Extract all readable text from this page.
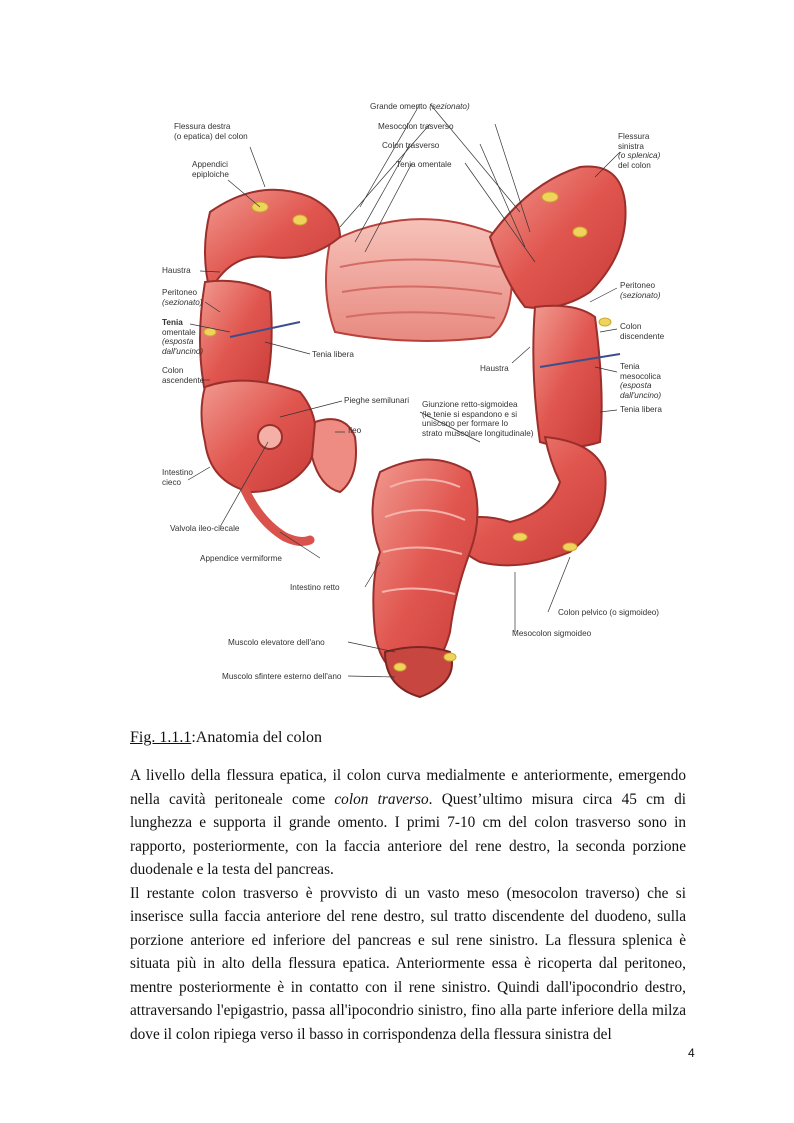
Grande omento (sezionato)
Mesocolon trasverso
Colon trasverso
Tenia omentale
Flessura destra
(o epatica) del colon
Appendici
epiploiche
Flessura
sinistra
(o splenica)
del colon
Haustra
Peritoneo
(sezionato)
Tenia
omentale
(esposta
dall'uncino)
Colon
ascendente
Tenia libera
Pieghe semilunari
Ileo
Intestino
cieco
Valvola ileo-ciecale
Appendice vermiforme
Intestino retto
Muscolo elevatore dell'ano
Muscolo sfintere esterno dell'ano
Peritoneo
(sezionato)
Colon
discendente
Haustra	Tenia
mesocolica
(esposta
dall'uncino)
Tenia libera
Giunzione retto-sigmoidea
(le tenie si espandono e si
uniscono per formare lo
strato muscolare longitudinale)
Colon pelvico (o sigmoideo)
Mesocolon sigmoideo
Fig. 1.1.1:Anatomia del colon

A livello della flessura epatica, il colon curva medialmente e anteriormente, emergendo nella cavità peritoneale come colon traverso. Quest’ultimo misura circa 45 cm di lunghezza e supporta il grande omento. I primi 7-10 cm del colon trasverso sono in rapporto, posteriormente, con la faccia anteriore del rene destro, la seconda porzione duodenale e la testa del pancreas.

Il restante colon trasverso è provvisto di un vasto meso (mesocolon traverso) che si inserisce sulla faccia anteriore del rene destro, sul tratto discendente del duodeno, sulla porzione anteriore ed inferiore del pancreas e sul rene sinistro. La flessura splenica è situata più in alto della flessura epatica. Anteriormente essa è ricoperta dal peritoneo, mentre posteriormente è in contatto con il rene sinistro. Quindi dall'ipocondrio destro, attraversando l'epigastrio, passa all'ipocondrio sinistro, fino alla parte inferiore della milza dove il colon ripiega verso il basso in corrispondenza della flessura sinistra del

4
